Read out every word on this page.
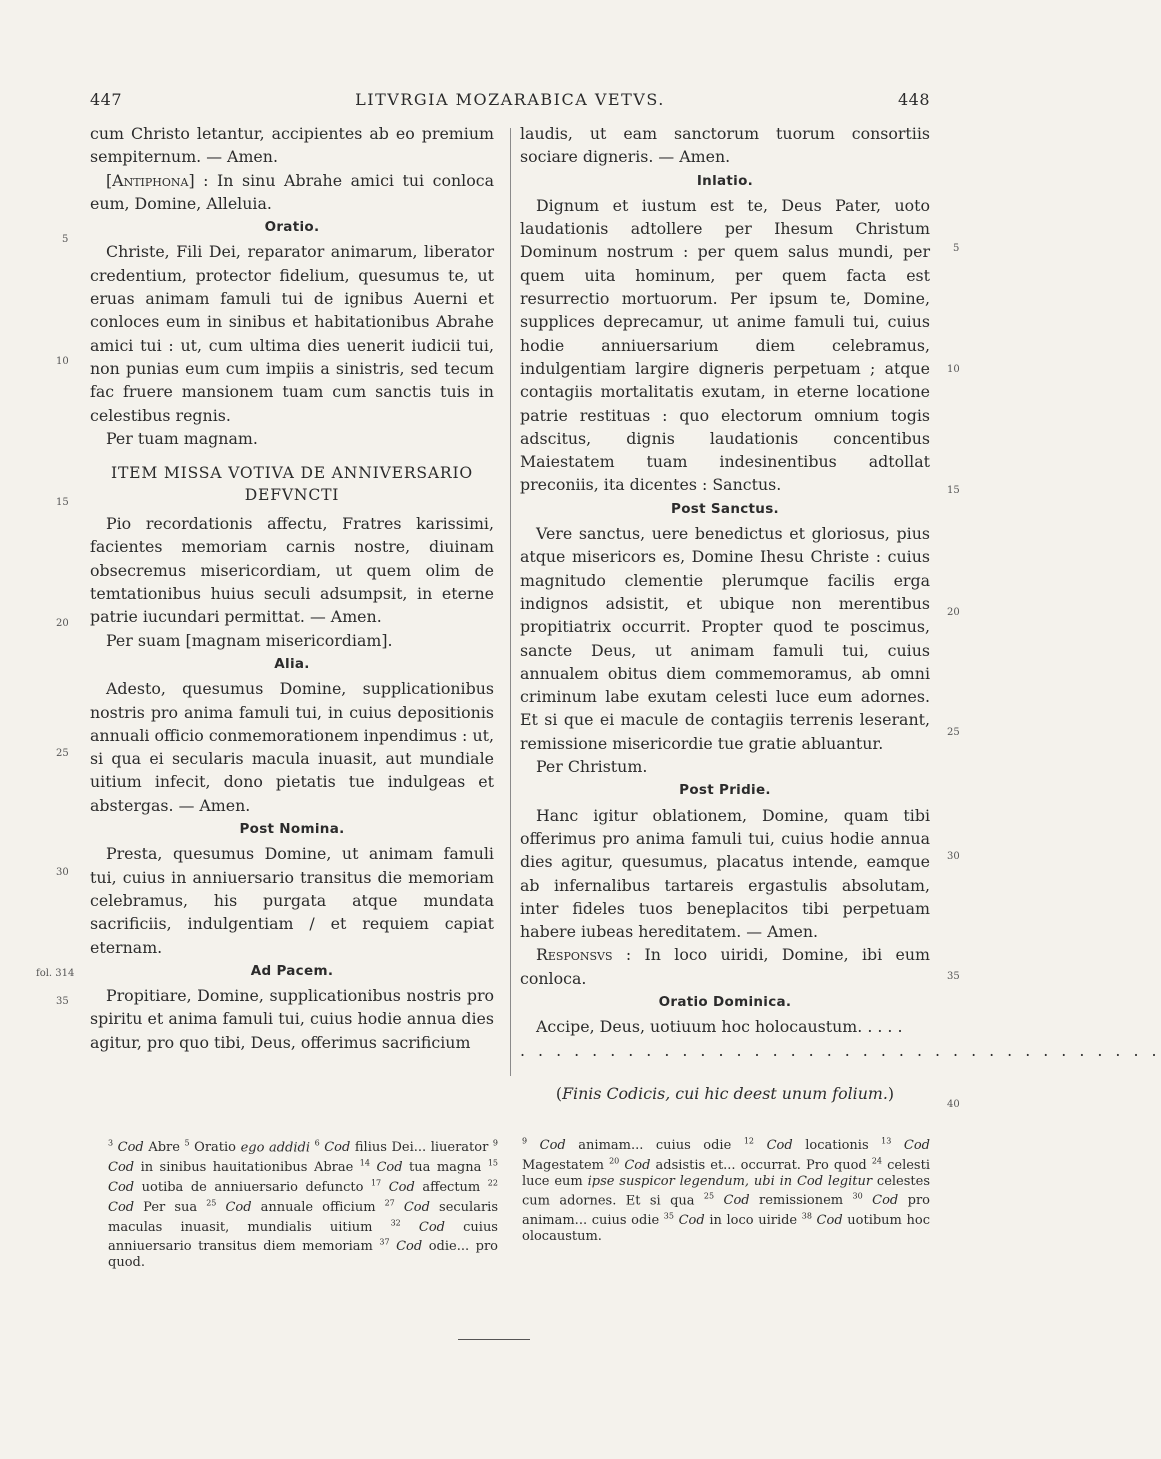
447	LITVRGIA MOZARABICA VETVS.	448
5
10
15
20
25
30
fol. 314
35
5
10
15
20
25
30
35
40

cum Christo letantur, accipientes ab eo premium sempiternum. — Amen.

[Antiphona] : In sinu Abrahe amici tui conloca eum, Domine, Alleluia.

Oratio.

Christe, Fili Dei, reparator animarum, liberator credentium, protector fidelium, quesumus te, ut eruas animam famuli tui de ignibus Auerni et conloces eum in sinibus et habitationibus Abrahe amici tui : ut, cum ultima dies uenerit iudicii tui, non punias eum cum impiis a sinistris, sed tecum fac fruere mansionem tuam cum sanctis tuis in celestibus regnis.

Per tuam magnam.

ITEM MISSA VOTIVA DE ANNIVERSARIO DEFVNCTI

Pio recordationis affectu, Fratres karissimi, facientes memoriam carnis nostre, diuinam obsecremus misericordiam, ut quem olim de temtationibus huius seculi adsumpsit, in eterne patrie iucundari permittat. — Amen.

Per suam [magnam misericordiam].

Alia.

Adesto, quesumus Domine, supplicationibus nostris pro anima famuli tui, in cuius depositionis annuali officio conmemorationem inpendimus : ut, si qua ei secularis macula inuasit, aut mundiale uitium infecit, dono pietatis tue indulgeas et abstergas. — Amen.

Post Nomina.

Presta, quesumus Domine, ut animam famuli tui, cuius in anniuersario transitus die memoriam celebramus, his purgata atque mundata sacrificiis, indulgentiam / et requiem capiat eternam.

Ad Pacem.

Propitiare, Domine, supplicationibus nostris pro spiritu et anima famuli tui, cuius hodie annua dies agitur, pro quo tibi, Deus, offerimus sacrificium

laudis, ut eam sanctorum tuorum consortiis sociare digneris. — Amen.

Inlatio.

Dignum et iustum est te, Deus Pater, uoto laudationis adtollere per Ihesum Christum Dominum nostrum : per quem salus mundi, per quem uita hominum, per quem facta est resurrectio mortuorum. Per ipsum te, Domine, supplices deprecamur, ut anime famuli tui, cuius hodie anniuersarium diem celebramus, indulgentiam largire digneris perpetuam ; atque contagiis mortalitatis exutam, in eterne locatione patrie restituas : quo electorum omnium togis adscitus, dignis laudationis concentibus Maiestatem tuam indesinentibus adtollat preconiis, ita dicentes : Sanctus.

Post Sanctus.

Vere sanctus, uere benedictus et gloriosus, pius atque misericors es, Domine Ihesu Christe : cuius magnitudo clementie plerumque facilis erga indignos adsistit, et ubique non merentibus propitiatrix occurrit. Propter quod te poscimus, sancte Deus, ut animam famuli tui, cuius annualem obitus diem commemoramus, ab omni criminum labe exutam celesti luce eum adornes. Et si que ei macule de contagiis terrenis leserant, remissione misericordie tue gratie abluantur.

Per Christum.

Post Pridie.

Hanc igitur oblationem, Domine, quam tibi offerimus pro anima famuli tui, cuius hodie annua dies agitur, quesumus, placatus intende, eamque ab infernalibus tartareis ergastulis absolutam, inter fideles tuos beneplacitos tibi perpetuam habere iubeas hereditatem. — Amen.

Responsvs : In loco uiridi, Domine, ibi eum conloca.

Oratio Dominica.

Accipe, Deus, uotiuum hoc holocaustum. . . . .

. . . . . . . . . . . . . . . . . . . . . . . . . . . . . . . . . . . .

(Finis Codicis, cui hic deest unum folium.)

$^3$ Cod Abre $^5$ Oratio ego addidi $^6$ Cod filius Dei... liuerator $^9$ Cod in sinibus hauitationibus Abrae $^{14}$ Cod tua magna $^{15}$ Cod uotiba de anniuersario defuncto $^{17}$ Cod affectum $^{22}$ Cod Per sua $^{25}$ Cod annuale officium $^{27}$ Cod secularis maculas inuasit, mundialis uitium $^{32}$ Cod cuius anniuersario transitus diem memoriam $^{37}$ Cod odie... pro quod.
$^9$ Cod animam... cuius odie $^{12}$ Cod locationis $^{13}$ Cod Magestatem $^{20}$ Cod adsistis et... occurrat. Pro quod $^{24}$ celesti luce eum ipse suspicor legendum, ubi in Cod legitur celestes cum adornes. Et si qua $^{25}$ Cod remissionem $^{30}$ Cod pro animam... cuius odie $^{35}$ Cod in loco uiride $^{38}$ Cod uotibum hoc olocaustum.
